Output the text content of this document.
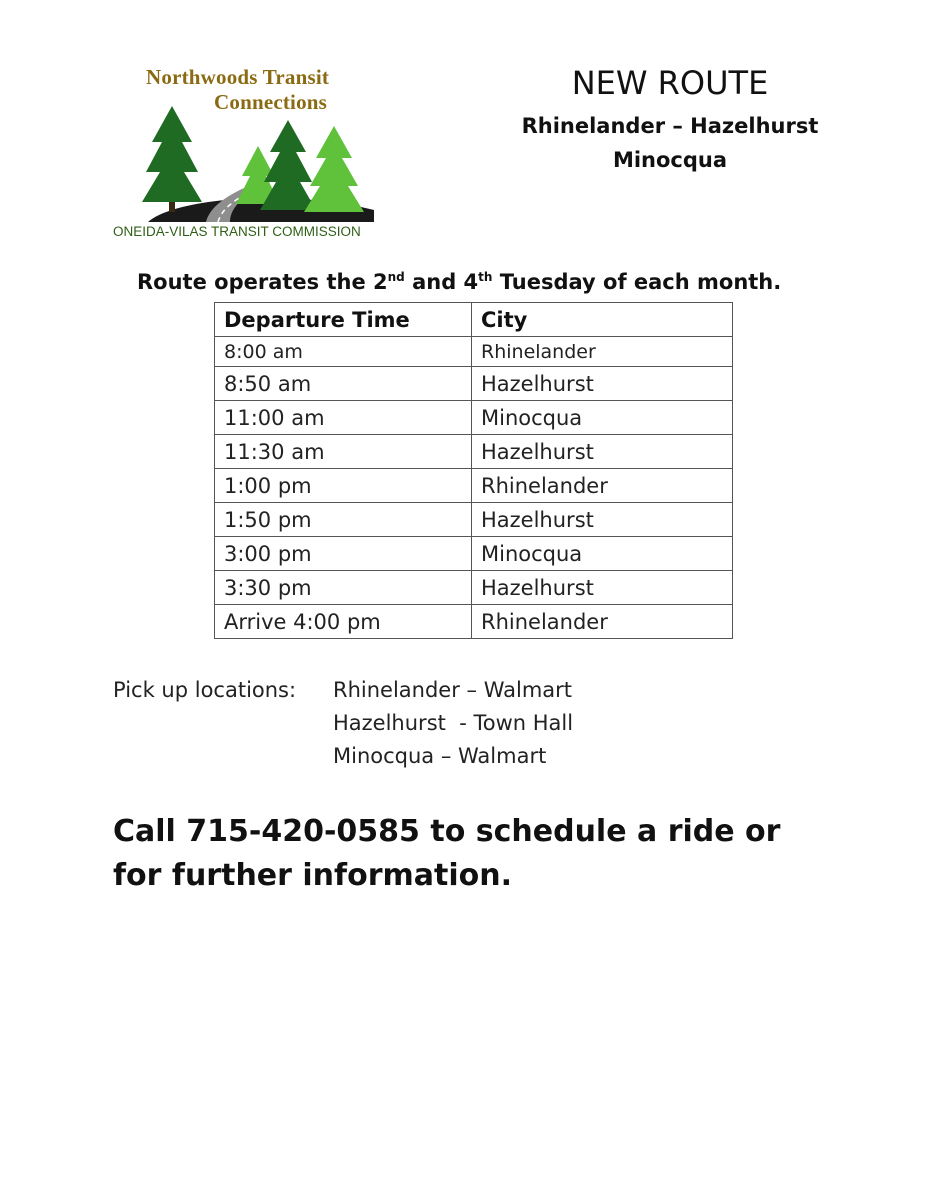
Northwoods Transit
Connections
ONEIDA-VILAS TRANSIT COMMISSION
NEW ROUTE
Rhinelander – Hazelhurst
Minocqua
Route operates the 2nd and 4th Tuesday of each month.
Departure Time	City
8:00 am	Rhinelander
8:50 am	Hazelhurst
11:00 am	Minocqua
11:30 am	Hazelhurst
1:00 pm	Rhinelander
1:50 pm	Hazelhurst
3:00 pm	Minocqua
3:30 pm	Hazelhurst
Arrive 4:00 pm	Rhinelander
Pick up locations: Rhinelander – Walmart
Hazelhurst  - Town Hall
Minocqua – Walmart
Call 715-420-0585 to schedule a ride or for further information.
